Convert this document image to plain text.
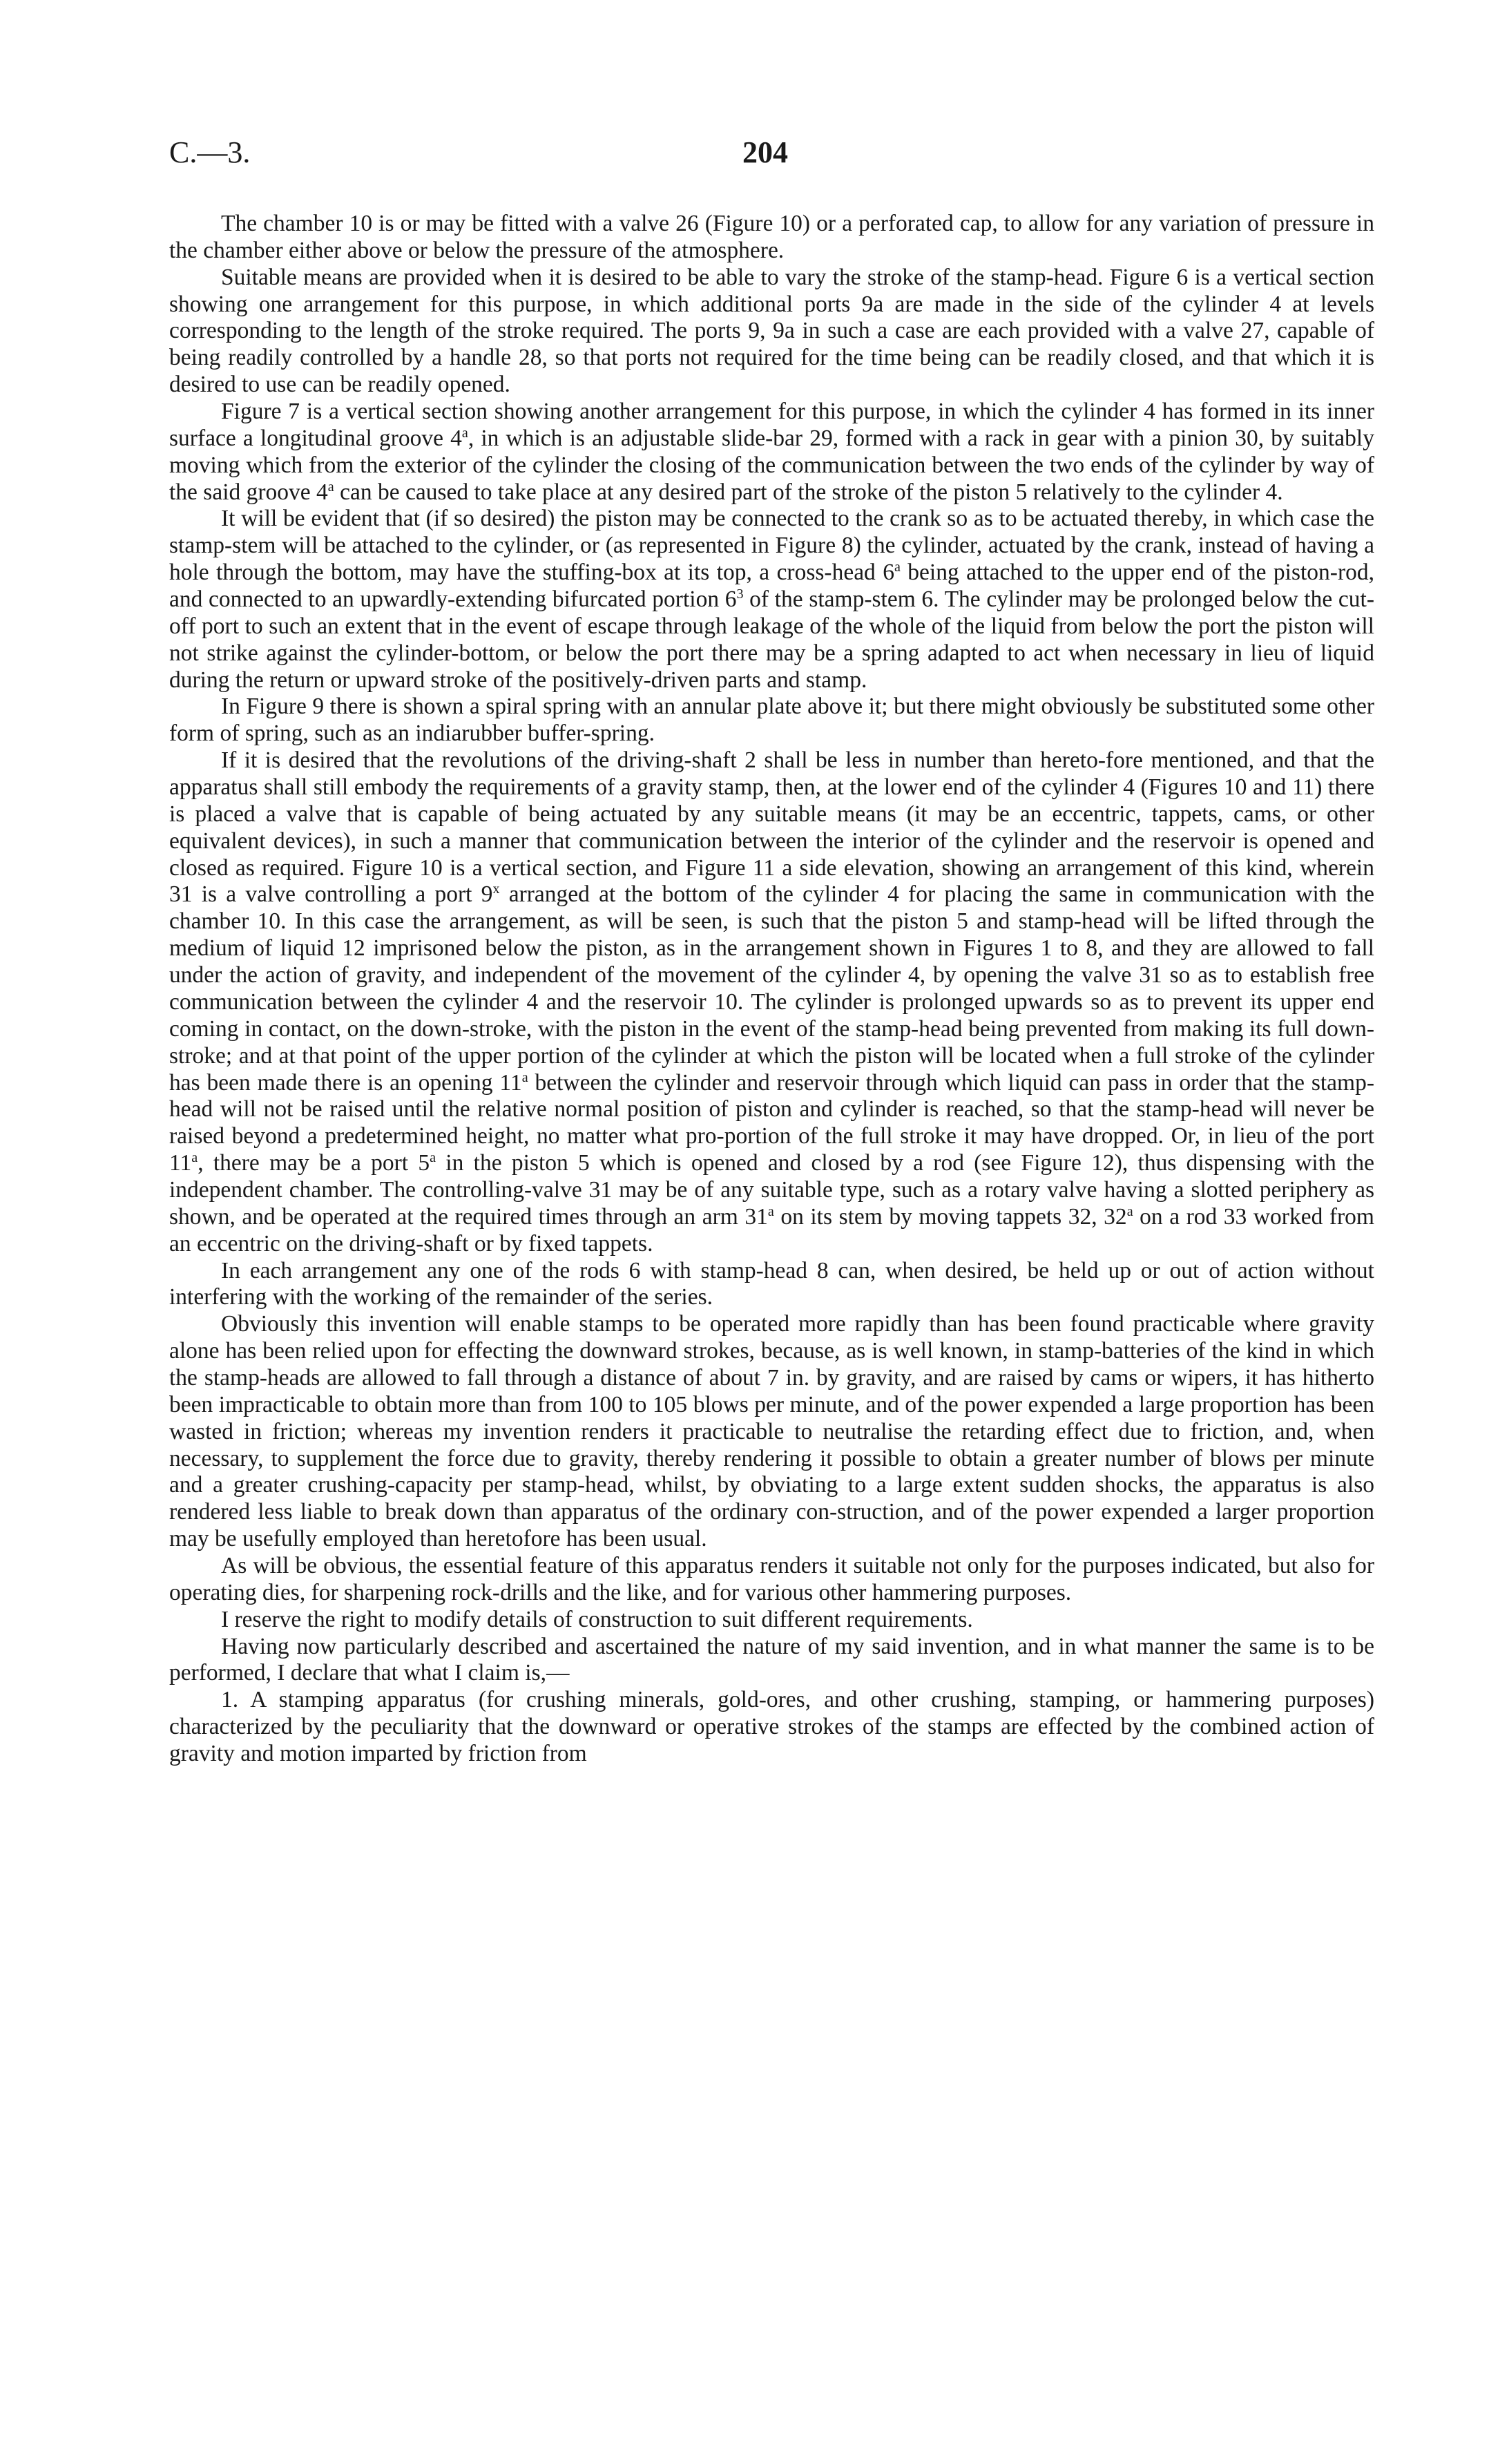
C.—3.	204

The chamber 10 is or may be fitted with a valve 26 (Figure 10) or a perforated cap, to allow for any variation of pressure in the chamber either above or below the pressure of the atmosphere.

Suitable means are provided when it is desired to be able to vary the stroke of the stamp-head. Figure 6 is a vertical section showing one arrangement for this purpose, in which additional ports 9a are made in the side of the cylinder 4 at levels corresponding to the length of the stroke required. The ports 9, 9a in such a case are each provided with a valve 27, capable of being readily controlled by a handle 28, so that ports not required for the time being can be readily closed, and that which it is desired to use can be readily opened.

Figure 7 is a vertical section showing another arrangement for this purpose, in which the cylinder 4 has formed in its inner surface a longitudinal groove 4$^a$, in which is an adjustable slide-bar 29, formed with a rack in gear with a pinion 30, by suitably moving which from the exterior of the cylinder the closing of the communication between the two ends of the cylinder by way of the said groove 4$^a$ can be caused to take place at any desired part of the stroke of the piston 5 relatively to the cylinder 4.

It will be evident that (if so desired) the piston may be connected to the crank so as to be actuated thereby, in which case the stamp-stem will be attached to the cylinder, or (as represented in Figure 8) the cylinder, actuated by the crank, instead of having a hole through the bottom, may have the stuffing-box at its top, a cross-head 6$^a$ being attached to the upper end of the piston-rod, and connected to an upwardly-extending bifurcated portion $6^3$ of the stamp-stem 6. The cylinder may be prolonged below the cut-off port to such an extent that in the event of escape through leakage of the whole of the liquid from below the port the piston will not strike against the cylinder-bottom, or below the port there may be a spring adapted to act when necessary in lieu of liquid during the return or upward stroke of the positively-driven parts and stamp.

In Figure 9 there is shown a spiral spring with an annular plate above it; but there might obviously be substituted some other form of spring, such as an indiarubber buffer-spring.

If it is desired that the revolutions of the driving-shaft 2 shall be less in number than hereto-fore mentioned, and that the apparatus shall still embody the requirements of a gravity stamp, then, at the lower end of the cylinder 4 (Figures 10 and 11) there is placed a valve that is capable of being actuated by any suitable means (it may be an eccentric, tappets, cams, or other equivalent devices), in such a manner that communication between the interior of the cylinder and the reservoir is opened and closed as required. Figure 10 is a vertical section, and Figure 11 a side elevation, showing an arrangement of this kind, wherein 31 is a valve controlling a port 9$^x$ arranged at the bottom of the cylinder 4 for placing the same in communication with the chamber 10. In this case the arrangement, as will be seen, is such that the piston 5 and stamp-head will be lifted through the medium of liquid 12 imprisoned below the piston, as in the arrangement shown in Figures 1 to 8, and they are allowed to fall under the action of gravity, and independent of the movement of the cylinder 4, by opening the valve 31 so as to establish free communication between the cylinder 4 and the reservoir 10. The cylinder is prolonged upwards so as to prevent its upper end coming in contact, on the down-stroke, with the piston in the event of the stamp-head being prevented from making its full down-stroke; and at that point of the upper portion of the cylinder at which the piston will be located when a full stroke of the cylinder has been made there is an opening 11$^a$ between the cylinder and reservoir through which liquid can pass in order that the stamp-head will not be raised until the relative normal position of piston and cylinder is reached, so that the stamp-head will never be raised beyond a predetermined height, no matter what pro-portion of the full stroke it may have dropped. Or, in lieu of the port 11$^a$, there may be a port 5$^a$ in the piston 5 which is opened and closed by a rod (see Figure 12), thus dispensing with the independent chamber. The controlling-valve 31 may be of any suitable type, such as a rotary valve having a slotted periphery as shown, and be operated at the required times through an arm 31$^a$ on its stem by moving tappets 32, 32$^a$ on a rod 33 worked from an eccentric on the driving-shaft or by fixed tappets.

In each arrangement any one of the rods 6 with stamp-head 8 can, when desired, be held up or out of action without interfering with the working of the remainder of the series.

Obviously this invention will enable stamps to be operated more rapidly than has been found practicable where gravity alone has been relied upon for effecting the downward strokes, because, as is well known, in stamp-batteries of the kind in which the stamp-heads are allowed to fall through a distance of about 7 in. by gravity, and are raised by cams or wipers, it has hitherto been impracticable to obtain more than from 100 to 105 blows per minute, and of the power expended a large proportion has been wasted in friction; whereas my invention renders it practicable to neutralise the retarding effect due to friction, and, when necessary, to supplement the force due to gravity, thereby rendering it possible to obtain a greater number of blows per minute and a greater crushing-capacity per stamp-head, whilst, by obviating to a large extent sudden shocks, the apparatus is also rendered less liable to break down than apparatus of the ordinary con-struction, and of the power expended a larger proportion may be usefully employed than heretofore has been usual.

As will be obvious, the essential feature of this apparatus renders it suitable not only for the purposes indicated, but also for operating dies, for sharpening rock-drills and the like, and for various other hammering purposes.

I reserve the right to modify details of construction to suit different requirements.

Having now particularly described and ascertained the nature of my said invention, and in what manner the same is to be performed, I declare that what I claim is,—

1. A stamping apparatus (for crushing minerals, gold-ores, and other crushing, stamping, or hammering purposes) characterized by the peculiarity that the downward or operative strokes of the stamps are effected by the combined action of gravity and motion imparted by friction from
